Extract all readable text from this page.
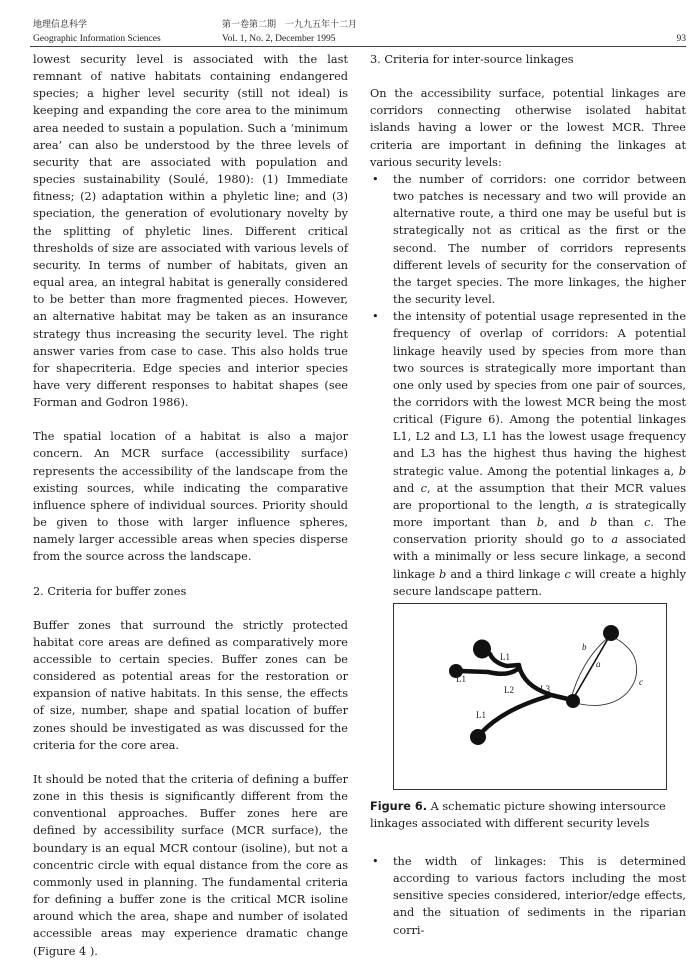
地理信息科学
Geographic Information Sciences
第一卷第二期　一九九五年十二月
Vol. 1, No. 2, December 1995	93

lowest security level is associated with the last remnant of native habitats containing endangered species; a higher level security (still not ideal) is keeping and expanding the core area to the minimum area needed to sustain a population. Such a ‘minimum area’ can also be understood by the three levels of security that are associated with population and species sustainability (Soulé, 1980): (1) Immediate fitness; (2) adaptation within a phyletic line; and (3) speciation, the generation of evolutionary novelty by the splitting of phyletic lines. Different critical thresholds of size are associated with various levels of security. In terms of number of habitats, given an equal area, an integral habitat is generally considered to be better than more fragmented pieces. However, an alternative habitat may be taken as an insurance strategy thus increasing the security level. The right answer varies from case to case. This also holds true for shapecriteria. Edge species and interior species have very different responses to habitat shapes (see Forman and Godron 1986).

The spatial location of a habitat is also a major concern. An MCR surface (accessibility surface) represents the accessibility of the landscape from the existing sources, while indicating the comparative influence sphere of individual sources. Priority should be given to those with larger influence spheres, namely larger accessible areas when species disperse from the source across the landscape.

2. Criteria for buffer zones

Buffer zones that surround the strictly protected habitat core areas are defined as comparatively more accessible to certain species. Buffer zones can be considered as potential areas for the restoration or expansion of native habitats. In this sense, the effects of size, number, shape and spatial location of buffer zones should be investigated as was discussed for the criteria for the core area.

It should be noted that the criteria of defining a buffer zone in this thesis is significantly different from the conventional approaches. Buffer zones here are defined by accessibility surface (MCR surface), the boundary is an equal MCR contour (isoline), but not a concentric circle with equal distance from the core as commonly used in planning. The fundamental criteria for defining a buffer zone is the critical MCR isoline around which the area, shape and number of isolated accessible areas may experience dramatic change (Figure 4 ).

3. Criteria for inter-source linkages

On the accessibility surface, potential linkages are corridors connecting otherwise isolated habitat islands having a lower or the lowest MCR. Three criteria are important in defining the linkages at various security levels:

• the number of corridors: one corridor between two patches is necessary and two will provide an alternative route, a third one may be useful but is strategically not as critical as the first or the second. The number of corridors represents different levels of security for the conservation of the target species. The more linkages, the higher the security level.
• the intensity of potential usage represented in the frequency of overlap of corridors: A potential linkage heavily used by species from more than two sources is strategically more important than one only used by species from one pair of sources, the corridors with the lowest MCR being the most critical (Figure 6). Among the potential linkages L1, L2 and L3, L1 has the lowest usage frequency and L3 has the highest thus having the highest strategic value. Among the potential linkages a, b and c, at the assumption that their MCR values are proportional to the length, a is strategically more important than b, and b than c. The conservation priority should go to a associated with a minimally or less secure linkage, a second linkage b and a third linkage c will create a highly secure landscape pattern.
L1
L1
L2	L3
L1
a
b
c
Figure 6. A schematic picture showing intersource linkages associated with different security levels
• the width of linkages: This is determined according to various factors including the most sensitive species considered, interior/edge effects, and the situation of sediments in the riparian corri-
